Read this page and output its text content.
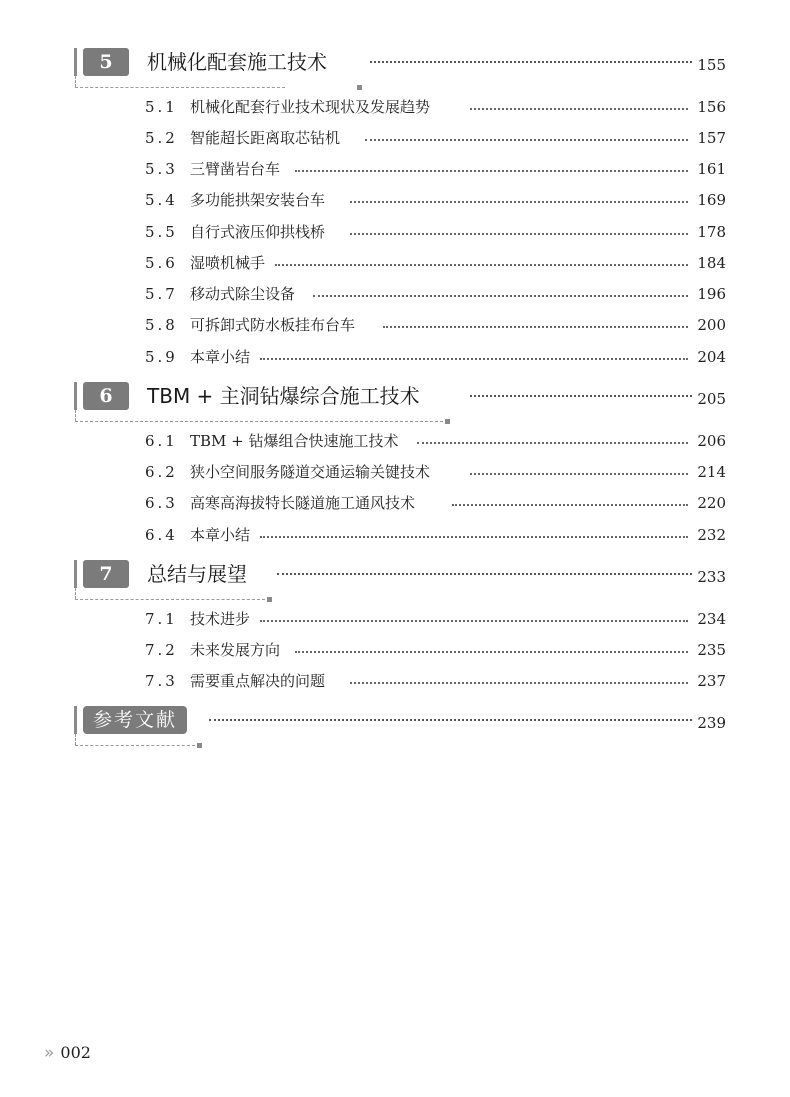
5	机械化配套施工技术	155
5.1 机械化配套行业技术现状及发展趋势	156
5.2 智能超长距离取芯钻机	157
5.3 三臂凿岩台车	161
5.4 多功能拱架安装台车	169
5.5 自行式液压仰拱栈桥	178
5.6 湿喷机械手	184
5.7 移动式除尘设备	196
5.8 可拆卸式防水板挂布台车	200
5.9 本章小结	204
6	TBM + 主洞钻爆综合施工技术	205
6.1 TBM + 钻爆组合快速施工技术	206
6.2 狭小空间服务隧道交通运输关键技术	214
6.3 高寒高海拔特长隧道施工通风技术	220
6.4 本章小结	232
7	总结与展望	233
7.1 技术进步	234
7.2 未来发展方向	235
7.3 需要重点解决的问题	237
参考文献	239
» 002
